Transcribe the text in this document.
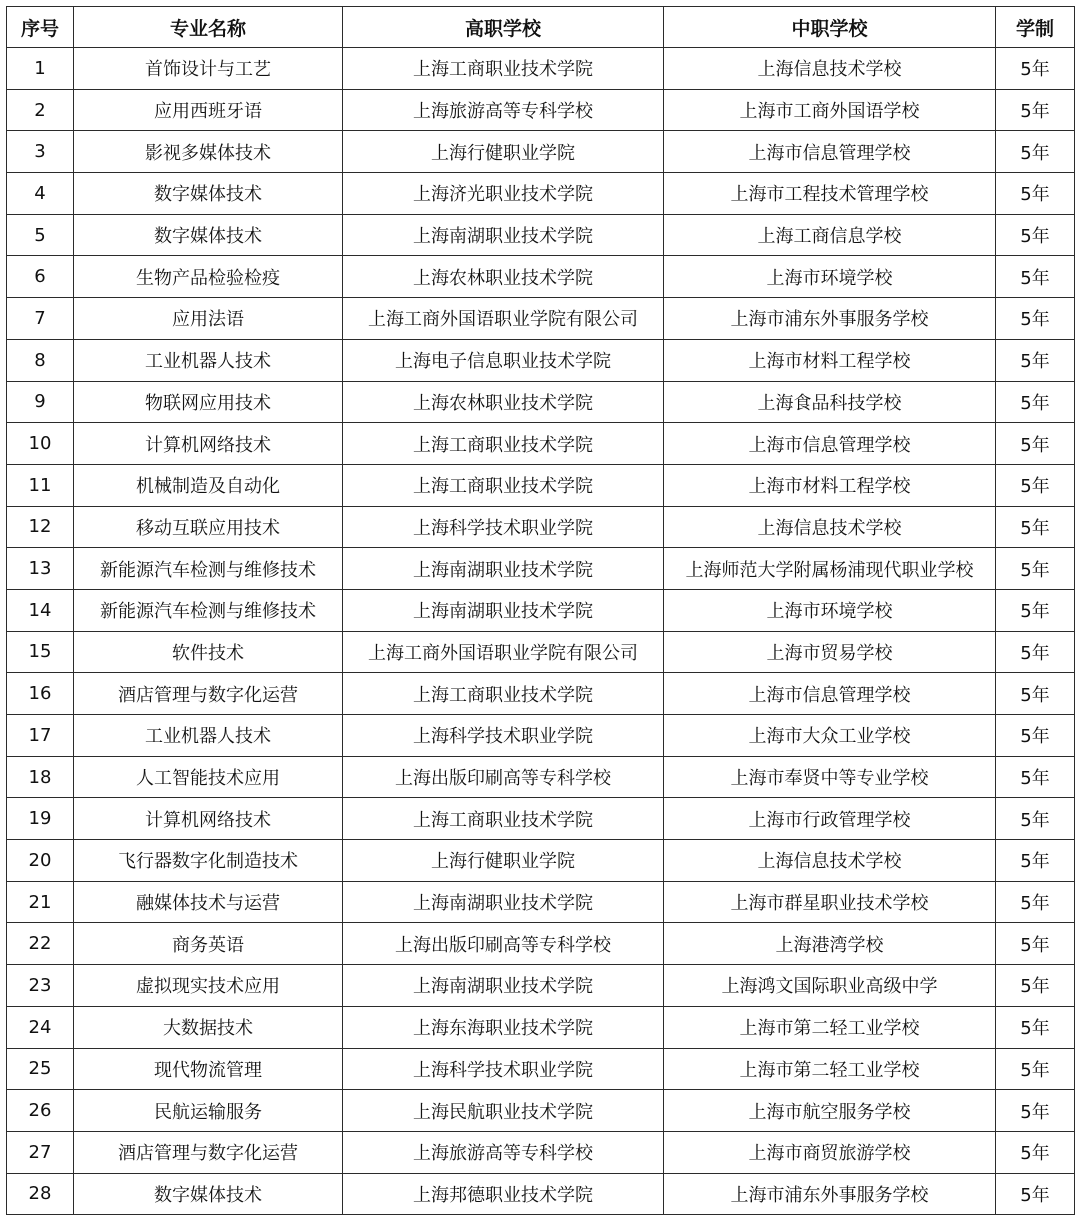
序号	专业名称	高职学校	中职学校	学制
1	首饰设计与工艺	上海工商职业技术学院	上海信息技术学校	5年
2	应用西班牙语	上海旅游高等专科学校	上海市工商外国语学校	5年
3	影视多媒体技术	上海行健职业学院	上海市信息管理学校	5年
4	数字媒体技术	上海济光职业技术学院	上海市工程技术管理学校	5年
5	数字媒体技术	上海南湖职业技术学院	上海工商信息学校	5年
6	生物产品检验检疫	上海农林职业技术学院	上海市环境学校	5年
7	应用法语	上海工商外国语职业学院有限公司	上海市浦东外事服务学校	5年
8	工业机器人技术	上海电子信息职业技术学院	上海市材料工程学校	5年
9	物联网应用技术	上海农林职业技术学院	上海食品科技学校	5年
10	计算机网络技术	上海工商职业技术学院	上海市信息管理学校	5年
11	机械制造及自动化	上海工商职业技术学院	上海市材料工程学校	5年
12	移动互联应用技术	上海科学技术职业学院	上海信息技术学校	5年
13	新能源汽车检测与维修技术	上海南湖职业技术学院	上海师范大学附属杨浦现代职业学校	5年
14	新能源汽车检测与维修技术	上海南湖职业技术学院	上海市环境学校	5年
15	软件技术	上海工商外国语职业学院有限公司	上海市贸易学校	5年
16	酒店管理与数字化运营	上海工商职业技术学院	上海市信息管理学校	5年
17	工业机器人技术	上海科学技术职业学院	上海市大众工业学校	5年
18	人工智能技术应用	上海出版印刷高等专科学校	上海市奉贤中等专业学校	5年
19	计算机网络技术	上海工商职业技术学院	上海市行政管理学校	5年
20	飞行器数字化制造技术	上海行健职业学院	上海信息技术学校	5年
21	融媒体技术与运营	上海南湖职业技术学院	上海市群星职业技术学校	5年
22	商务英语	上海出版印刷高等专科学校	上海港湾学校	5年
23	虚拟现实技术应用	上海南湖职业技术学院	上海鸿文国际职业高级中学	5年
24	大数据技术	上海东海职业技术学院	上海市第二轻工业学校	5年
25	现代物流管理	上海科学技术职业学院	上海市第二轻工业学校	5年
26	民航运输服务	上海民航职业技术学院	上海市航空服务学校	5年
27	酒店管理与数字化运营	上海旅游高等专科学校	上海市商贸旅游学校	5年
28	数字媒体技术	上海邦德职业技术学院	上海市浦东外事服务学校	5年
